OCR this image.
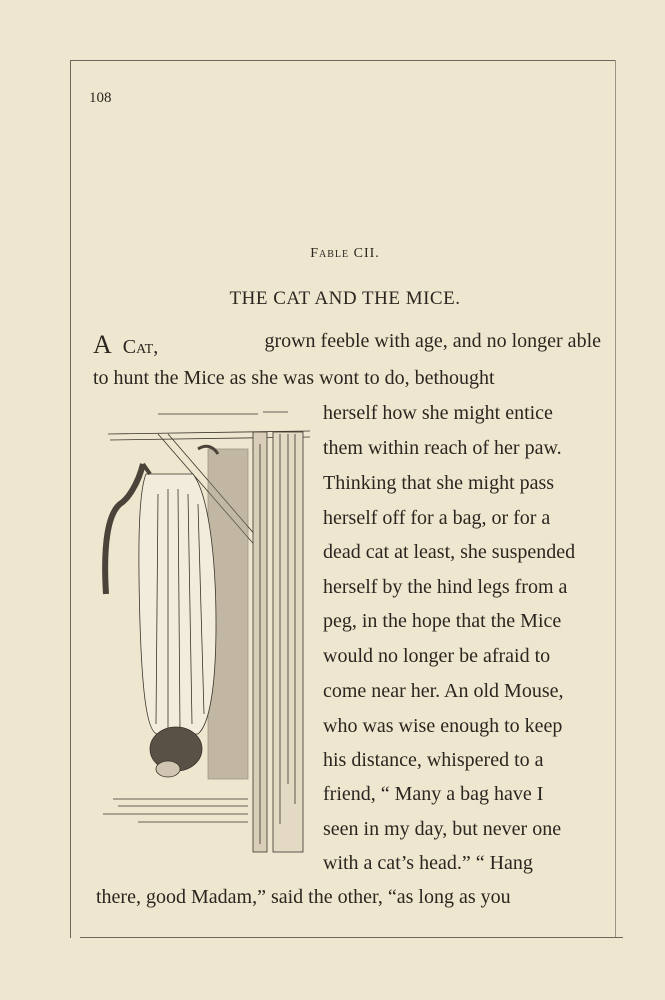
108
Fable CII.
THE CAT AND THE MICE.
A Cat,	grown feeble with age, and no longer able
to hunt the Mice as she was wont to do, bethought
herself how she might entice
them within reach of her paw.
Thinking that she might pass
herself off for a bag, or for a
dead cat at least, she suspended
herself by the hind legs from a
peg, in the hope that the Mice
would no longer be afraid to
come near her. An old Mouse,
who was wise enough to keep
his distance, whispered to a
friend, “ Many a bag have I
seen in my day, but never one
with a cat’s head.” “ Hang
there, good Madam,” said the other, “as long as you
